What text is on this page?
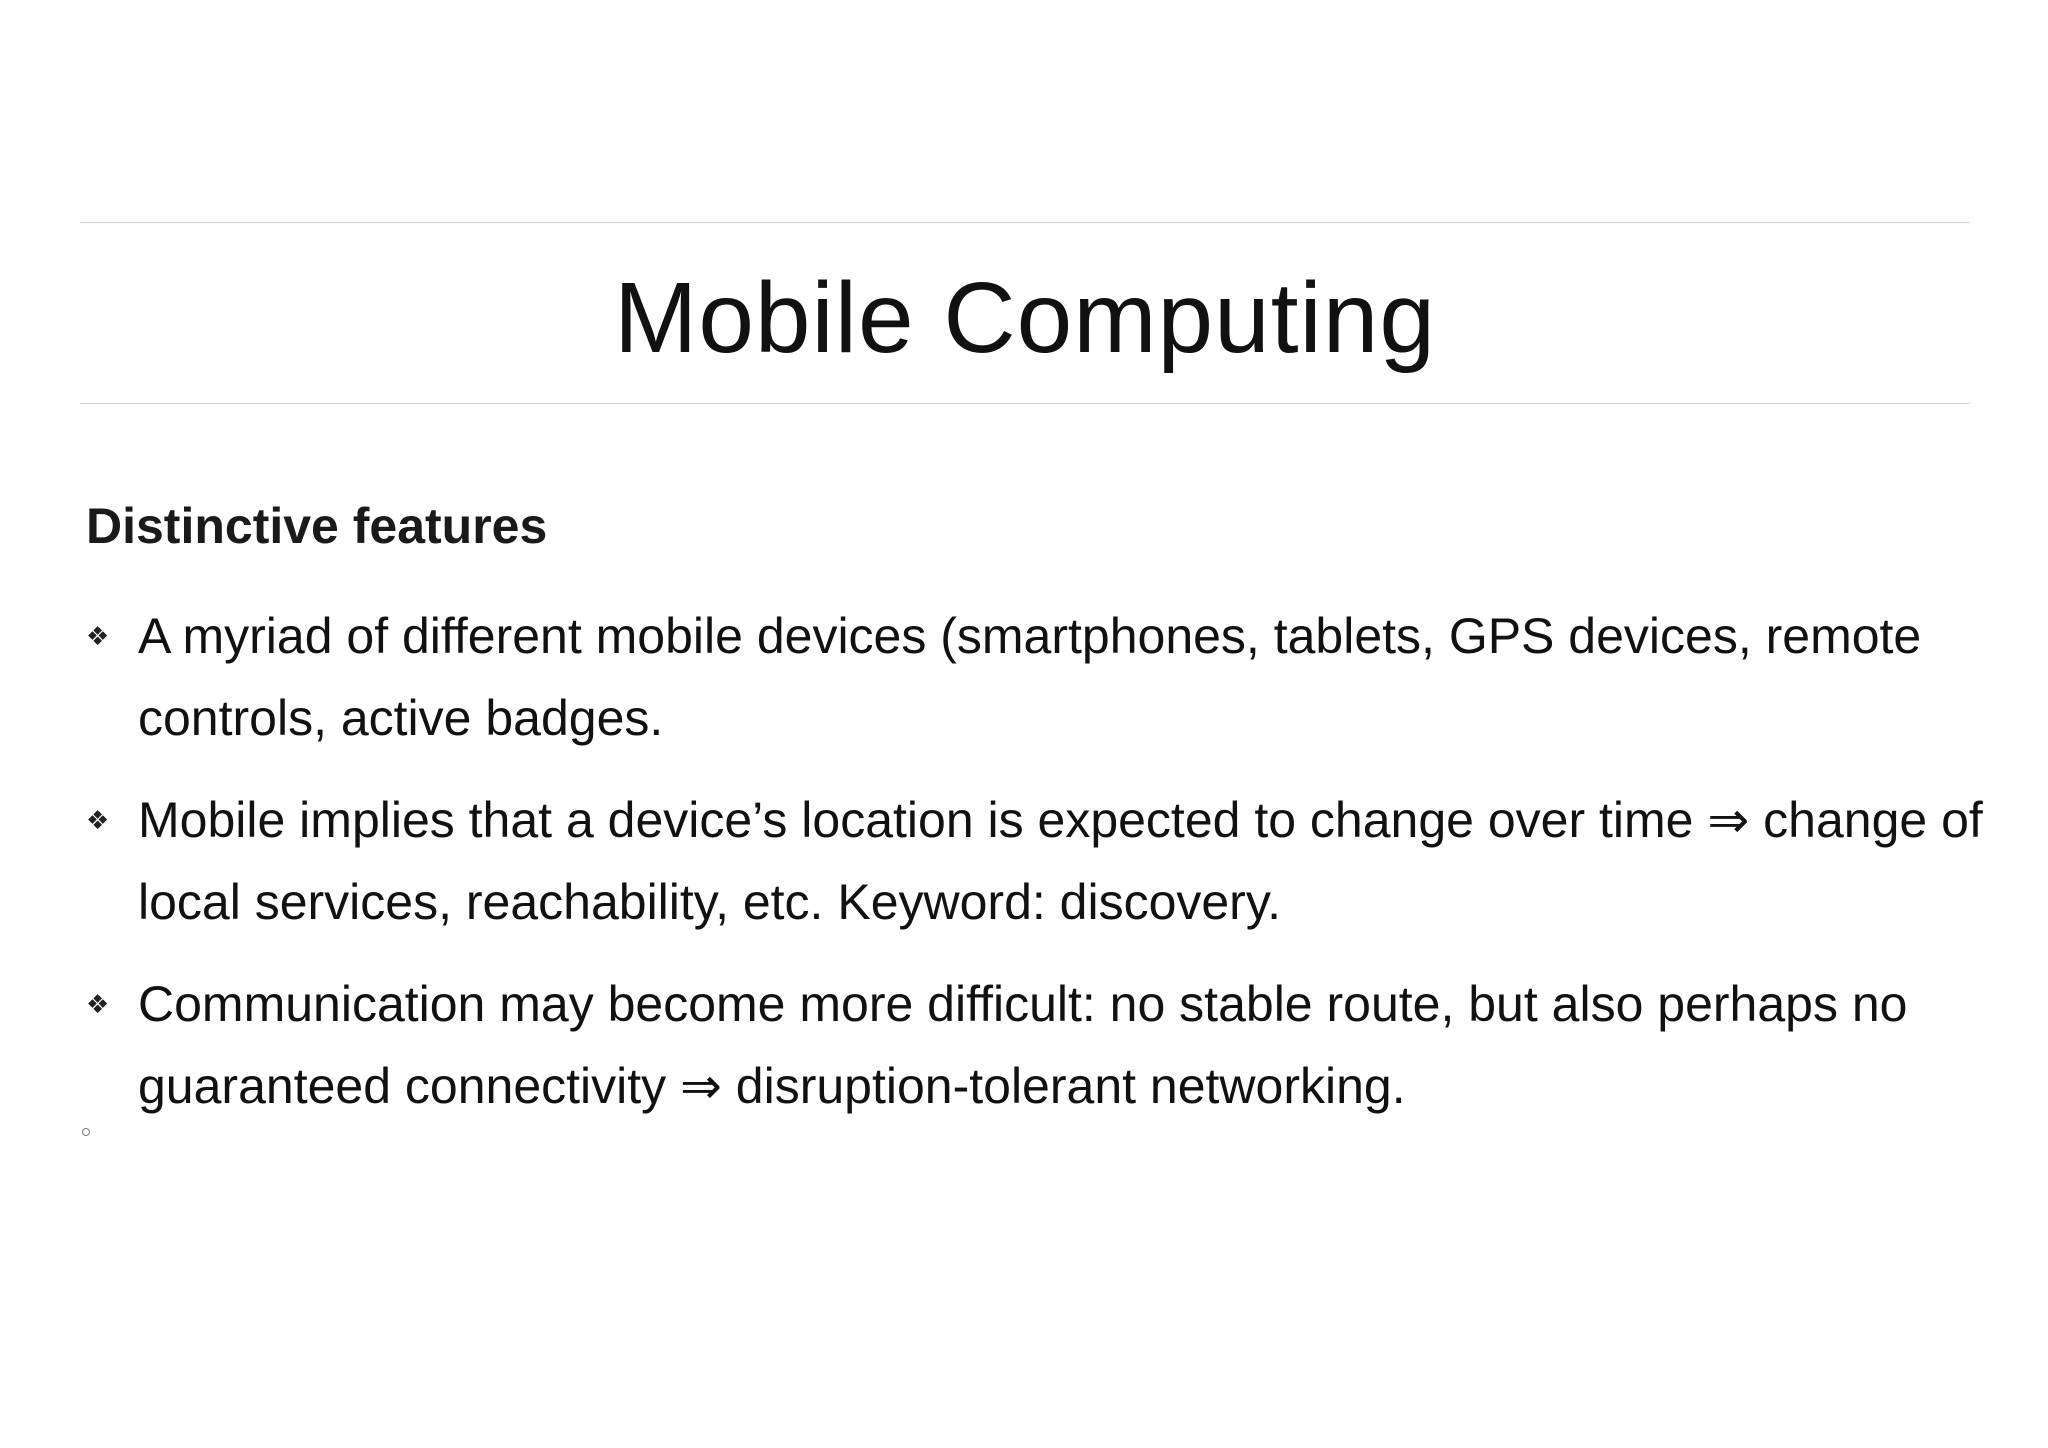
Mobile Computing
Distinctive features
❖ A myriad of different mobile devices (smartphones, tablets, GPS devices, remote controls, active badges.
❖ Mobile implies that a device’s location is expected to change over time ⇒ change of local services, reachability, etc. Keyword: discovery.
❖ Communication may become more difficult: no stable route, but also perhaps no guaranteed connectivity ⇒ disruption-tolerant networking.
